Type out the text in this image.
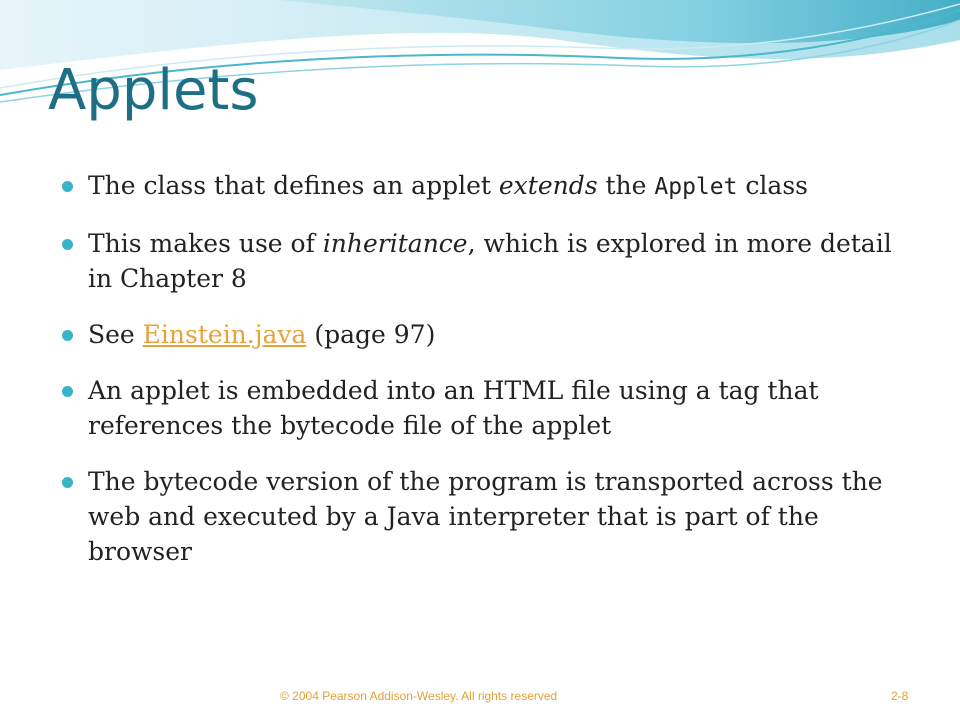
Applets
The class that defines an applet extends the Applet class
This makes use of inheritance, which is explored in more detail in Chapter 8
See Einstein.java (page 97)
An applet is embedded into an HTML file using a tag that references the bytecode file of the applet
The bytecode version of the program is transported across the web and executed by a Java interpreter that is part of the browser
© 2004 Pearson Addison-Wesley. All rights reserved	2-8
